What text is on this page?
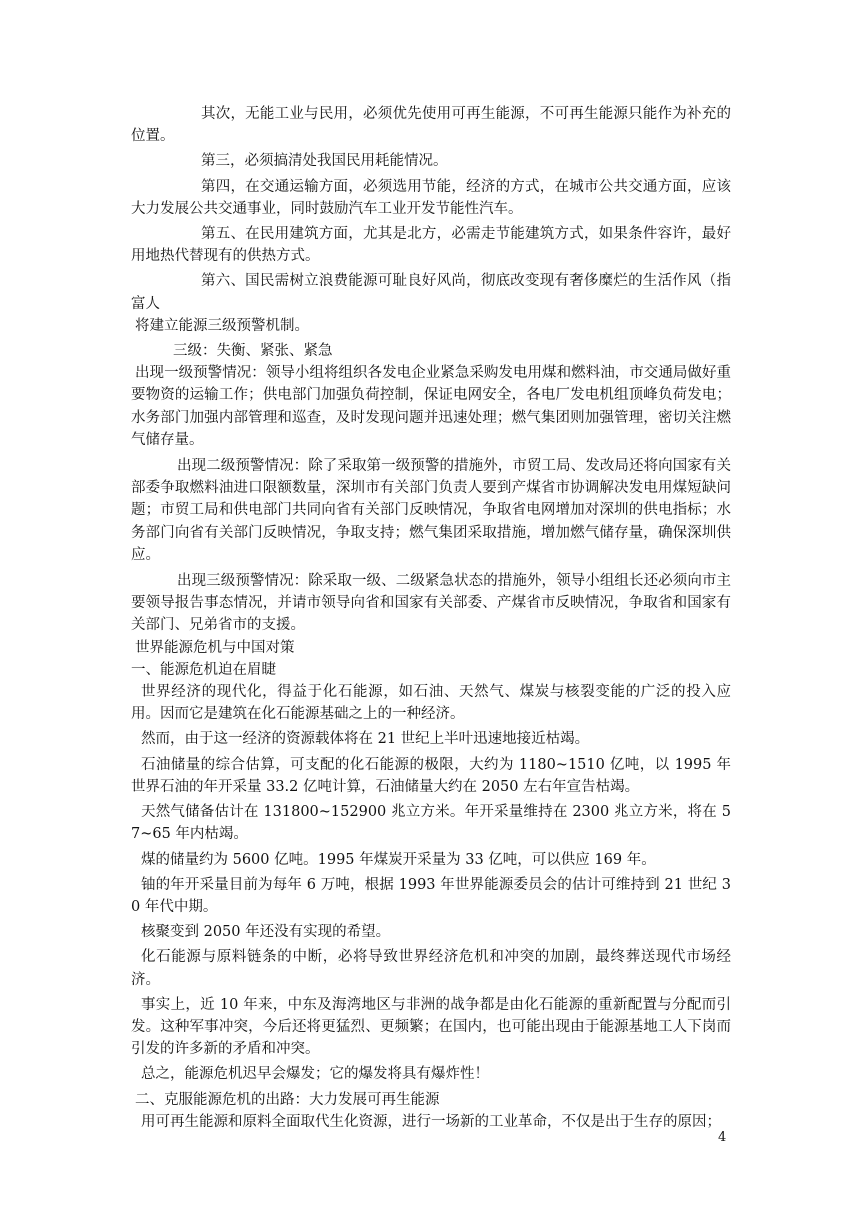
其次，无能工业与民用，必须优先使用可再生能源，不可再生能源只能作为补充的位置。

第三，必须搞清处我国民用耗能情况。

第四，在交通运输方面，必须选用节能，经济的方式，在城市公共交通方面，应该大力发展公共交通事业，同时鼓励汽车工业开发节能性汽车。

第五、在民用建筑方面，尤其是北方，必需走节能建筑方式，如果条件容许，最好用地热代替现有的供热方式。

第六、国民需树立浪费能源可耻良好风尚，彻底改变现有奢侈糜烂的生活作风（指富人

将建立能源三级预警机制。

三级：失衡、紧张、紧急

出现一级预警情况：领导小组将组织各发电企业紧急采购发电用煤和燃料油，市交通局做好重要物资的运输工作；供电部门加强负荷控制，保证电网安全，各电厂发电机组顶峰负荷发电；水务部门加强内部管理和巡查，及时发现问题并迅速处理；燃气集团则加强管理，密切关注燃气储存量。

出现二级预警情况：除了采取第一级预警的措施外，市贸工局、发改局还将向国家有关部委争取燃料油进口限额数量，深圳市有关部门负责人要到产煤省市协调解决发电用煤短缺问题；市贸工局和供电部门共同向省有关部门反映情况，争取省电网增加对深圳的供电指标；水务部门向省有关部门反映情况，争取支持；燃气集团采取措施，增加燃气储存量，确保深圳供应。

出现三级预警情况：除采取一级、二级紧急状态的措施外，领导小组组长还必须向市主要领导报告事态情况，并请市领导向省和国家有关部委、产煤省市反映情况，争取省和国家有关部门、兄弟省市的支援。

世界能源危机与中国对策

一、能源危机迫在眉睫

世界经济的现代化，得益于化石能源，如石油、天然气、煤炭与核裂变能的广泛的投入应用。因而它是建筑在化石能源基础之上的一种经济。

然而，由于这一经济的资源载体将在 21 世纪上半叶迅速地接近枯竭。

石油储量的综合估算，可支配的化石能源的极限，大约为 1180~1510 亿吨，以 1995 年世界石油的年开采量 33.2 亿吨计算，石油储量大约在 2050 左右年宣告枯竭。

天然气储备估计在 131800~152900 兆立方米。年开采量维持在 2300 兆立方米，将在 57~65 年内枯竭。

煤的储量约为 5600 亿吨。1995 年煤炭开采量为 33 亿吨，可以供应 169 年。

铀的年开采量目前为每年 6 万吨，根据 1993 年世界能源委员会的估计可维持到 21 世纪 30 年代中期。

核聚变到 2050 年还没有实现的希望。

化石能源与原料链条的中断，必将导致世界经济危机和冲突的加剧，最终葬送现代市场经济。

事实上，近 10 年来，中东及海湾地区与非洲的战争都是由化石能源的重新配置与分配而引发。这种军事冲突，今后还将更猛烈、更频繁；在国内，也可能出现由于能源基地工人下岗而引发的许多新的矛盾和冲突。

总之，能源危机迟早会爆发；它的爆发将具有爆炸性！

二、克服能源危机的出路：大力发展可再生能源

用可再生能源和原料全面取代生化资源，进行一场新的工业革命，不仅是出于生存的原因；

4
